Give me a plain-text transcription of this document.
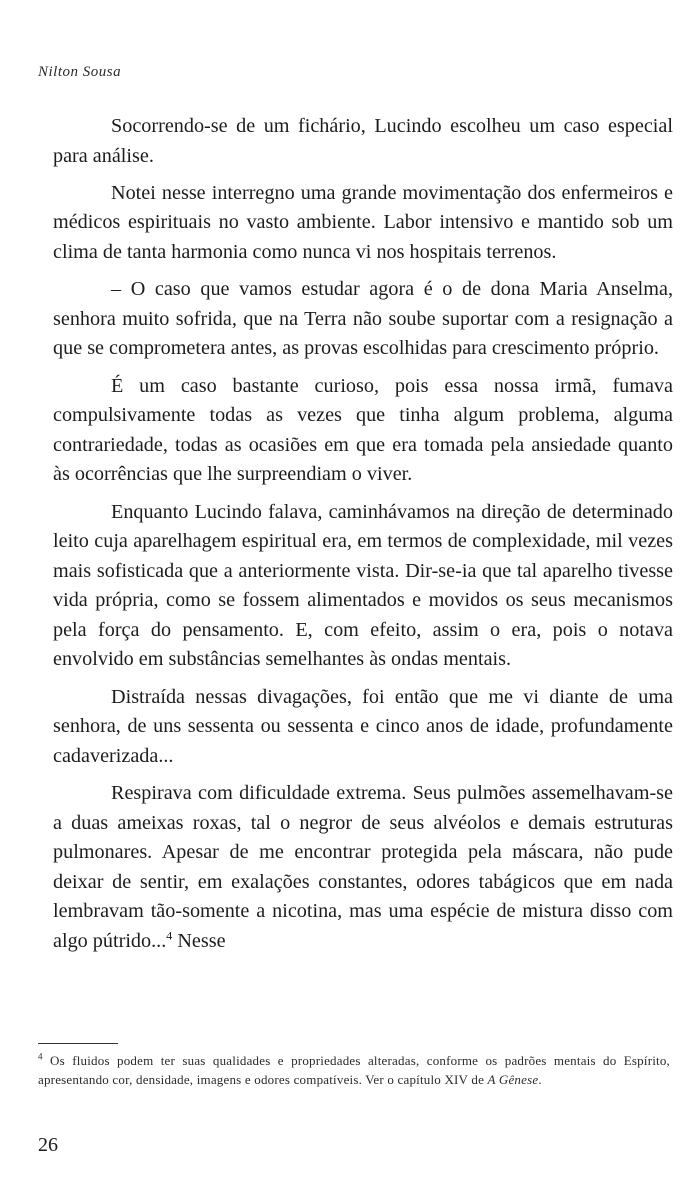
Nilton Sousa

Socorrendo-se de um fichário, Lucindo escolheu um caso especial para análise.

Notei nesse interregno uma grande movimentação dos enfermeiros e médicos espirituais no vasto ambiente. Labor intensivo e mantido sob um clima de tanta harmonia como nunca vi nos hospitais terrenos.

– O caso que vamos estudar agora é o de dona Maria Anselma, senhora muito sofrida, que na Terra não soube suportar com a resignação a que se comprometera antes, as provas escolhidas para crescimento próprio.

É um caso bastante curioso, pois essa nossa irmã, fumava compulsivamente todas as vezes que tinha algum problema, alguma contrariedade, todas as ocasiões em que era tomada pela ansiedade quanto às ocorrências que lhe surpreendiam o viver.

Enquanto Lucindo falava, caminhávamos na direção de determinado leito cuja aparelhagem espiritual era, em termos de complexidade, mil vezes mais sofisticada que a anteriormente vista. Dir-se-ia que tal aparelho tivesse vida própria, como se fossem alimentados e movidos os seus mecanismos pela força do pensamento. E, com efeito, assim o era, pois o notava envolvido em substâncias semelhantes às ondas mentais.

Distraída nessas divagações, foi então que me vi diante de uma senhora, de uns sessenta ou sessenta e cinco anos de idade, profundamente cadaverizada...

Respirava com dificuldade extrema. Seus pulmões assemelhavam-se a duas ameixas roxas, tal o negror de seus alvéolos e demais estruturas pulmonares. Apesar de me encontrar protegida pela máscara, não pude deixar de sentir, em exalações constantes, odores tabágicos que em nada lembravam tão-somente a nicotina, mas uma espécie de mistura disso com algo pútrido...$^4$ Nesse

$^4$ Os fluidos podem ter suas qualidades e propriedades alteradas, conforme os padrões mentais do Espírito, apresentando cor, densidade, imagens e odores compatíveis. Ver o capítulo XIV de A Gênese.
26
